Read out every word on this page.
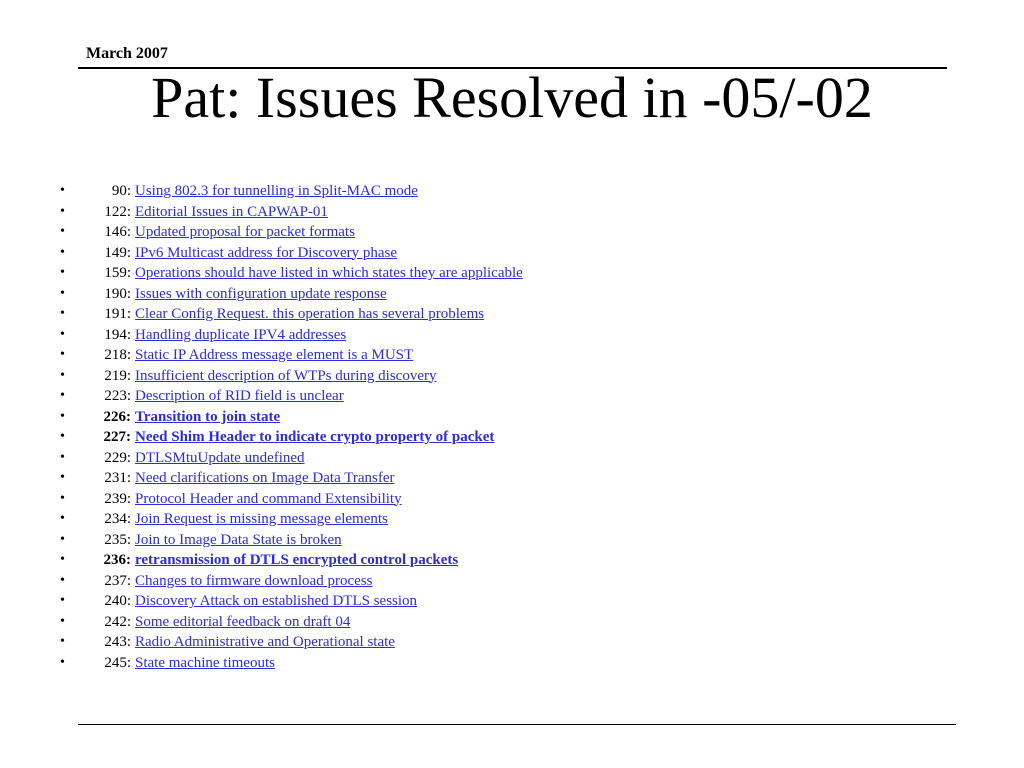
March 2007
Pat: Issues Resolved in -05/-02
•	90: Using 802.3 for tunnelling in Split-MAC mode
•	122: Editorial Issues in CAPWAP-01
•	146: Updated proposal for packet formats
•	149: IPv6 Multicast address for Discovery phase
•	159: Operations should have listed in which states they are applicable
•	190: Issues with configuration update response
•	191: Clear Config Request. this operation has several problems
•	194: Handling duplicate IPV4 addresses
•	218: Static IP Address message element is a MUST
•	219: Insufficient description of WTPs during discovery
•	223: Description of RID field is unclear
•	226: Transition to join state
•	227: Need Shim Header to indicate crypto property of packet
•	229: DTLSMtuUpdate undefined
•	231: Need clarifications on Image Data Transfer
•	239: Protocol Header and command Extensibility
•	234: Join Request is missing message elements
•	235: Join to Image Data State is broken
•	236: retransmission of DTLS encrypted control packets
•	237: Changes to firmware download process
•	240: Discovery Attack on established DTLS session
•	242: Some editorial feedback on draft 04
•	243: Radio Administrative and Operational state
•	245: State machine timeouts
